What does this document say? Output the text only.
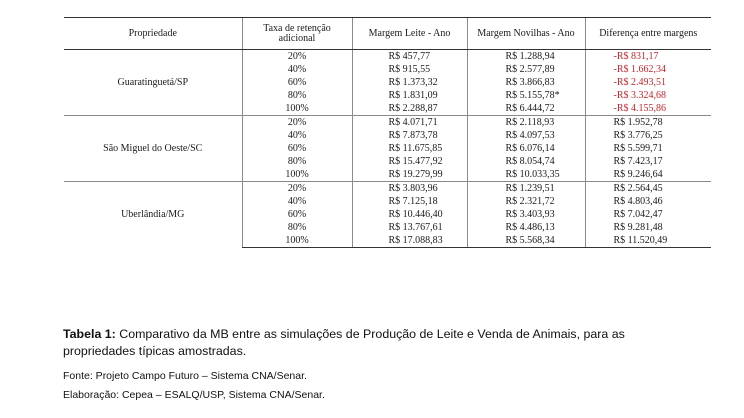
Propriedade	Taxa de retenção adicional	Margem Leite - Ano	Margem Novilhas - Ano	Diferença entre margens
Guaratinguetá/SP	20%	R$ 457,77	R$ 1.288,94	-R$ 831,17
	40%	R$ 915,55	R$ 2.577,89	-R$ 1.662,34
	60%	R$ 1.373,32	R$ 3.866,83	-R$ 2.493,51
	80%	R$ 1.831,09	R$ 5.155,78*	-R$ 3.324,68
	100%	R$ 2.288,87	R$ 6.444,72	-R$ 4.155,86
São Miguel do Oeste/SC	20%	R$ 4.071,71	R$ 2.118,93	R$ 1.952,78
	40%	R$ 7.873,78	R$ 4.097,53	R$ 3.776,25
	60%	R$ 11.675,85	R$ 6.076,14	R$ 5.599,71
	80%	R$ 15.477,92	R$ 8.054,74	R$ 7.423,17
	100%	R$ 19.279,99	R$ 10.033,35	R$ 9.246,64
Uberlândia/MG	20%	R$ 3.803,96	R$ 1.239,51	R$ 2.564,45
	40%	R$ 7.125,18	R$ 2.321,72	R$ 4.803,46
	60%	R$ 10.446,40	R$ 3.403,93	R$ 7.042,47
	80%	R$ 13.767,61	R$ 4.486,13	R$ 9.281,48
	100%	R$ 17.088,83	R$ 5.568,34	R$ 11.520,49

Tabela 1: Comparativo da MB entre as simulações de Produção de Leite e Venda de Animais, para as

propriedades típicas amostradas.

Fonte: Projeto Campo Futuro – Sistema CNA/Senar.

Elaboração: Cepea – ESALQ/USP, Sistema CNA/Senar.
